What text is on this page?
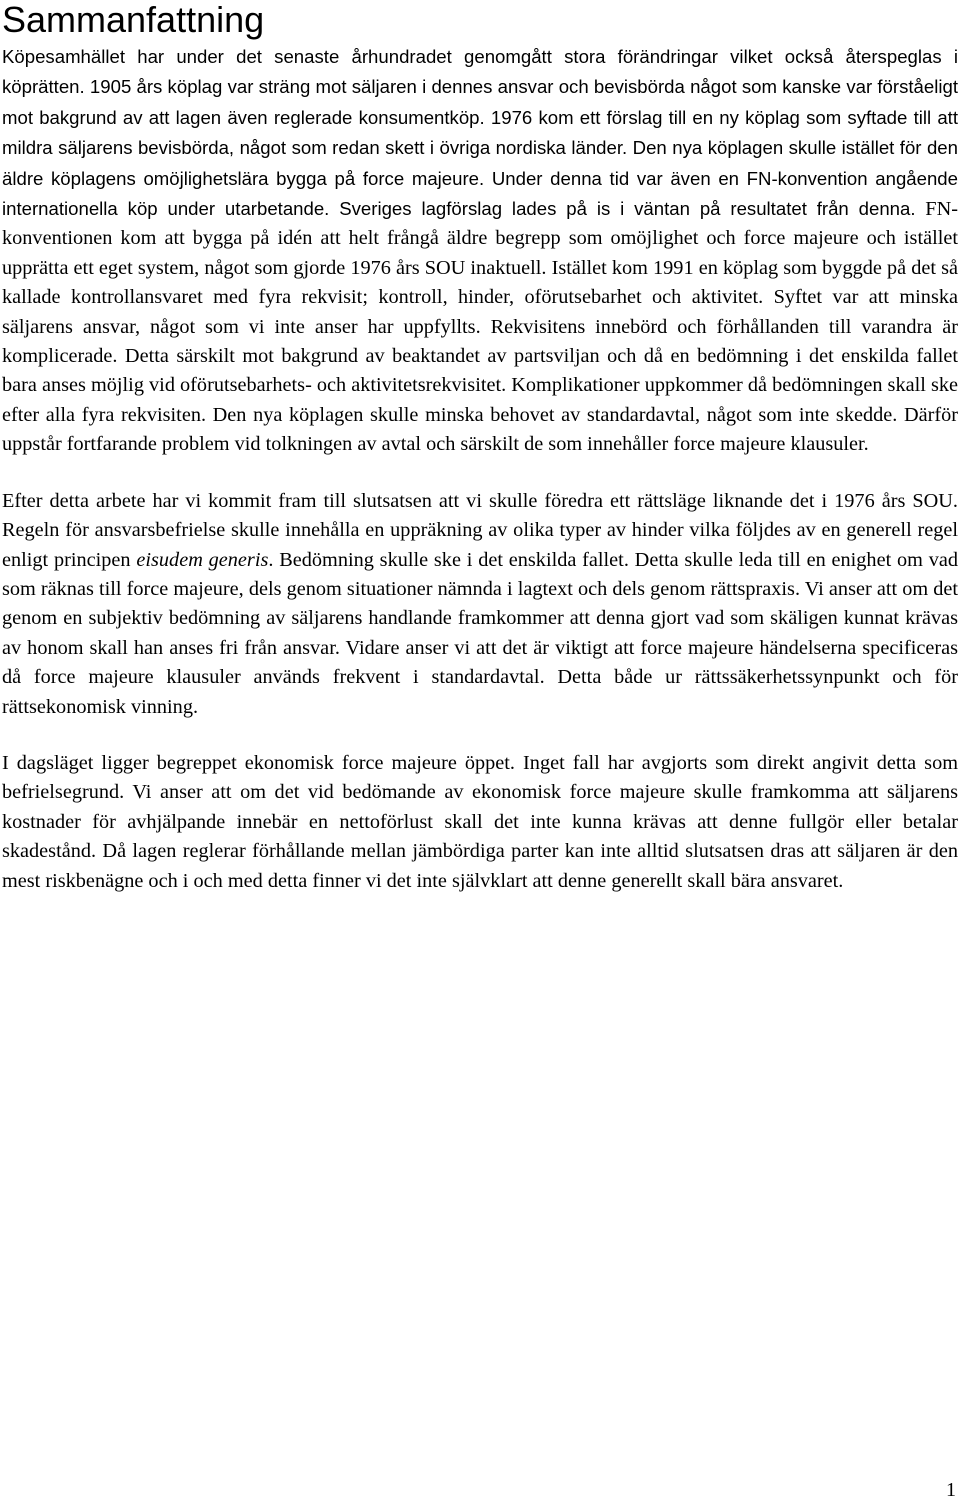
Sammanfattning

Köpesamhället har under det senaste århundradet genomgått stora förändringar vilket också återspeglas i köprätten. 1905 års köplag var sträng mot säljaren i dennes ansvar och bevisbörda något som kanske var förståeligt mot bakgrund av att lagen även reglerade konsumentköp. 1976 kom ett förslag till en ny köplag som syftade till att mildra säljarens bevisbörda, något som redan skett i övriga nordiska länder. Den nya köplagen skulle istället för den äldre köplagens omöjlighetslära bygga på force majeure. Under denna tid var även en FN-konvention angående internationella köp under utarbetande. Sveriges lagförslag lades på is i väntan på resultatet från denna. FN-konventionen kom att bygga på idén att helt frångå äldre begrepp som omöjlighet och force majeure och istället upprätta ett eget system, något som gjorde 1976 års SOU inaktuell. Istället kom 1991 en köplag som byggde på det så kallade kontrollansvaret med fyra rekvisit; kontroll, hinder, oförutsebarhet och aktivitet. Syftet var att minska säljarens ansvar, något som vi inte anser har uppfyllts. Rekvisitens innebörd och förhållanden till varandra är komplicerade. Detta särskilt mot bakgrund av beaktandet av partsviljan och då en bedömning i det enskilda fallet bara anses möjlig vid oförutsebarhets- och aktivitetsrekvisitet. Komplikationer uppkommer då bedömningen skall ske efter alla fyra rekvisiten. Den nya köplagen skulle minska behovet av standardavtal, något som inte skedde. Därför uppstår fortfarande problem vid tolkningen av avtal och särskilt de som innehåller force majeure klausuler.

Efter detta arbete har vi kommit fram till slutsatsen att vi skulle föredra ett rättsläge liknande det i 1976 års SOU. Regeln för ansvarsbefrielse skulle innehålla en uppräkning av olika typer av hinder vilka följdes av en generell regel enligt principen eisudem generis. Bedömning skulle ske i det enskilda fallet. Detta skulle leda till en enighet om vad som räknas till force majeure, dels genom situationer nämnda i lagtext och dels genom rättspraxis. Vi anser att om det genom en subjektiv bedömning av säljarens handlande framkommer att denna gjort vad som skäligen kunnat krävas av honom skall han anses fri från ansvar. Vidare anser vi att det är viktigt att force majeure händelserna specificeras då force majeure klausuler används frekvent i standardavtal. Detta både ur rättssäkerhetssynpunkt och för rättsekonomisk vinning.

I dagsläget ligger begreppet ekonomisk force majeure öppet. Inget fall har avgjorts som direkt angivit detta som befrielsegrund. Vi anser att om det vid bedömande av ekonomisk force majeure skulle framkomma att säljarens kostnader för avhjälpande innebär en nettoförlust skall det inte kunna krävas att denne fullgör eller betalar skadestånd. Då lagen reglerar förhållande mellan jämbördiga parter kan inte alltid slutsatsen dras att säljaren är den mest riskbenägne och i och med detta finner vi det inte självklart att denne generellt skall bära ansvaret.

1
